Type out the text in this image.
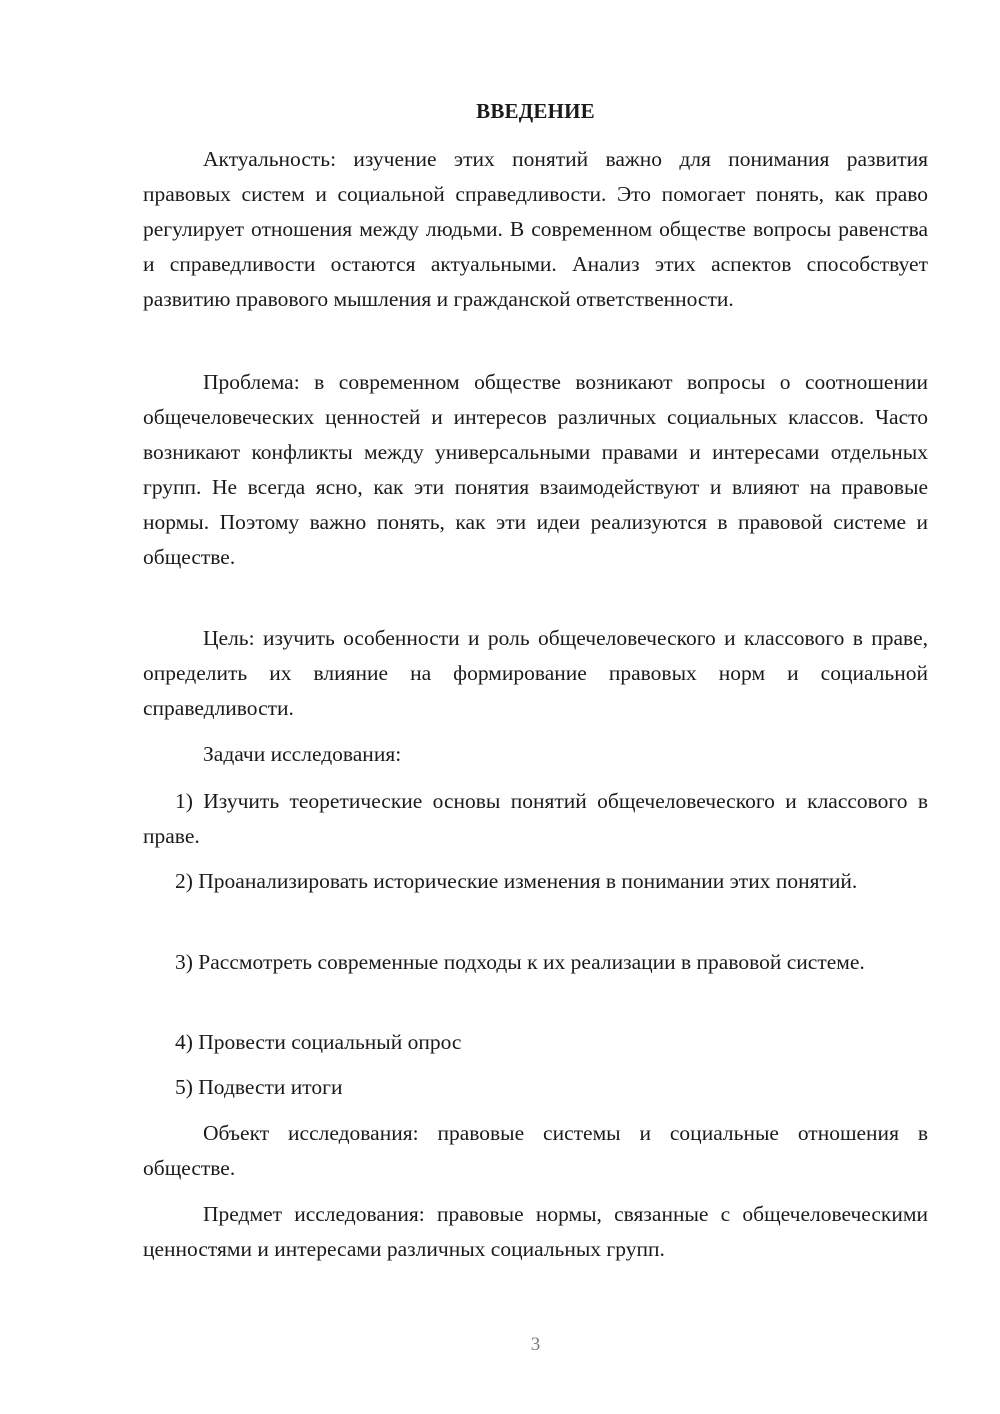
ВВЕДЕНИЕ

Актуальность: изучение этих понятий важно для понимания развития правовых систем и социальной справедливости. Это помогает понять, как право регулирует отношения между людьми. В современном обществе вопросы равенства и справедливости остаются актуальными. Анализ этих аспектов способствует развитию правового мышления и гражданской ответственности.

Проблема: в современном обществе возникают вопросы о соотношении общечеловеческих ценностей и интересов различных социальных классов. Часто возникают конфликты между универсальными правами и интересами отдельных групп. Не всегда ясно, как эти понятия взаимодействуют и влияют на правовые нормы. Поэтому важно понять, как эти идеи реализуются в правовой системе и обществе.

Цель: изучить особенности и роль общечеловеческого и классового в праве, определить их влияние на формирование правовых норм и социальной справедливости.

Задачи исследования:

1) Изучить теоретические основы понятий общечеловеческого и классового в праве.

2) Проанализировать исторические изменения в понимании этих понятий.

3) Рассмотреть современные подходы к их реализации в правовой системе.

4) Провести социальный опрос

5) Подвести итоги

Объект исследования: правовые системы и социальные отношения в обществе.

Предмет исследования: правовые нормы, связанные с общечеловеческими ценностями и интересами различных социальных групп.

3
